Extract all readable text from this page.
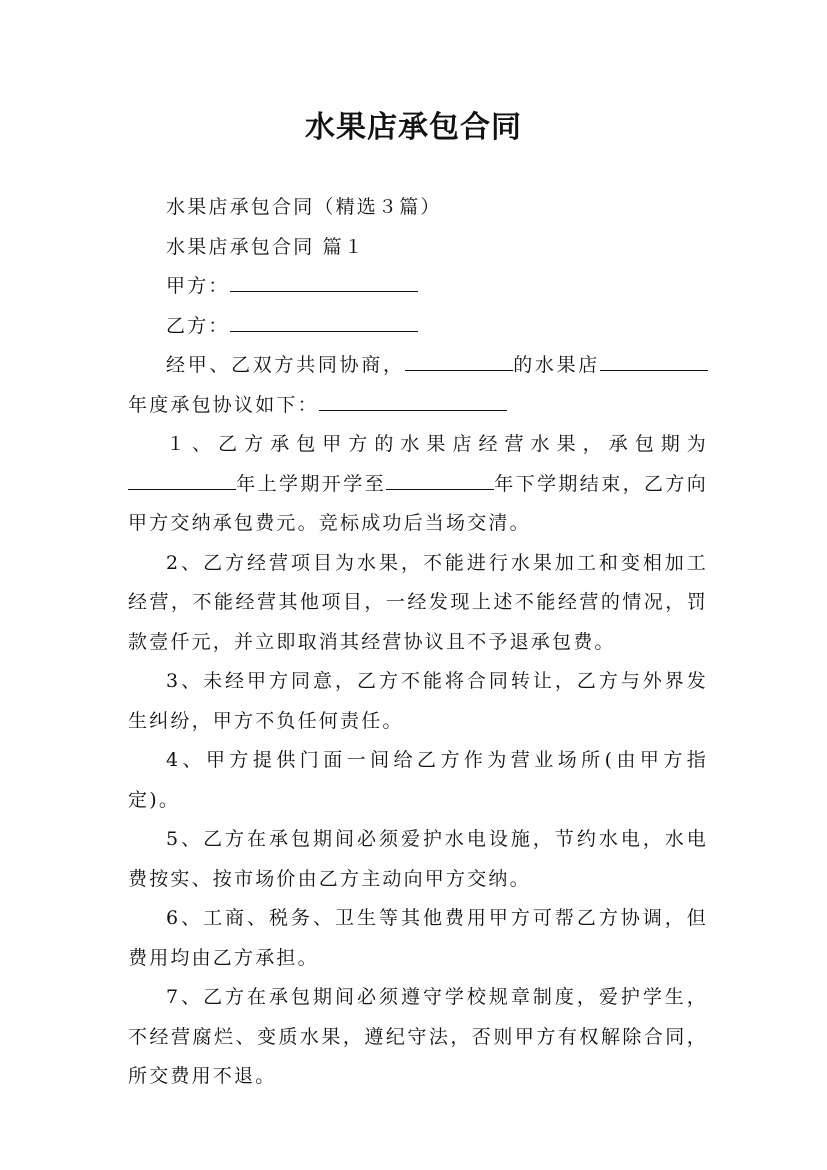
水果店承包合同

水果店承包合同（精选３篇）

水果店承包合同 篇１

甲方：

乙方：

经甲、乙双方共同协商，	的水果店年度承包协议如下：

１、乙方承包甲方的水果店经营水果，承包期为年上学期开学至	年下学期结束，乙方向甲方交纳承包费元。竞标成功后当场交清。

2、乙方经营项目为水果，不能进行水果加工和变相加工经营，不能经营其他项目，一经发现上述不能经营的情况，罚款壹仟元，并立即取消其经营协议且不予退承包费。

3、未经甲方同意，乙方不能将合同转让，乙方与外界发生纠纷，甲方不负任何责任。

4、甲方提供门面一间给乙方作为营业场所(由甲方指定)。

5、乙方在承包期间必须爱护水电设施，节约水电，水电费按实、按市场价由乙方主动向甲方交纳。

6、工商、税务、卫生等其他费用甲方可帮乙方协调，但费用均由乙方承担。

7、乙方在承包期间必须遵守学校规章制度，爱护学生，不经营腐烂、变质水果，遵纪守法，否则甲方有权解除合同，所交费用不退。
